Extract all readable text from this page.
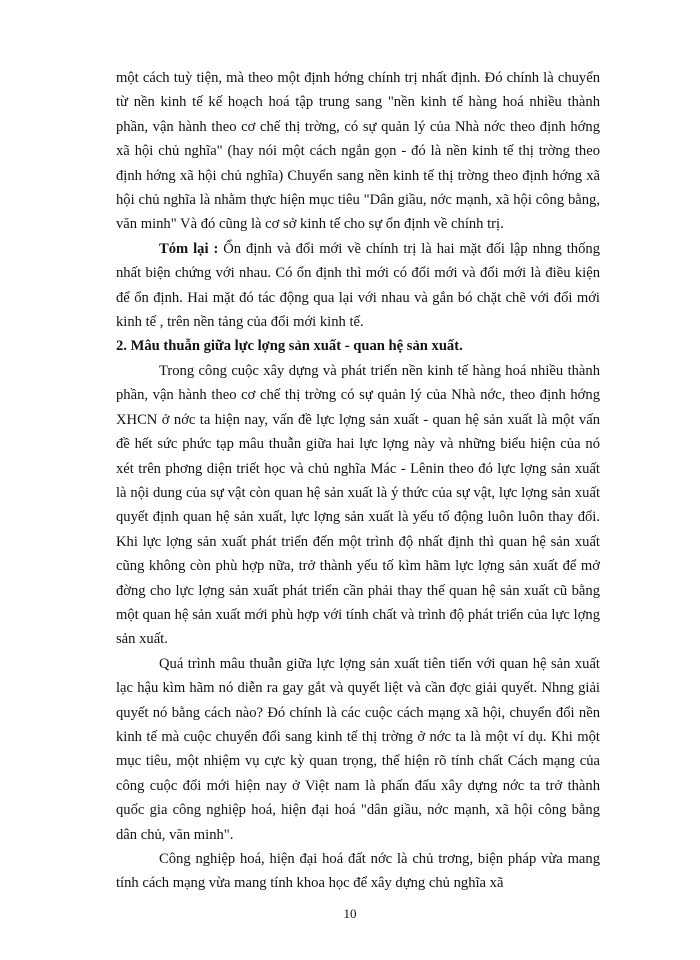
một cách tuỳ tiện, mà theo một định hớng chính trị nhất định. Đó chính là chuyển từ nền kinh tế kế hoạch hoá tập trung sang "nền kinh tế hàng hoá nhiều thành phần, vận hành theo cơ chế thị trờng, có sự quản lý của Nhà nớc theo định hớng xã hội chủ nghĩa" (hay nói một cách ngắn gọn - đó là nền kinh tế thị trờng theo định hớng xã hội chủ nghĩa) Chuyển sang nền kinh tế thị trờng theo định hớng xã hội chủ nghĩa là nhằm thực hiện mục tiêu "Dân giầu, nớc mạnh, xã hội công bằng, văn minh" Và đó cũng là cơ sở kinh tế cho sự ổn định về chính trị.

Tóm lại : Ổn định và đổi mới về chính trị là hai mặt đối lập nhng thống nhất biện chứng với nhau. Có ổn định thì mới có đổi mới và đổi mới là điều kiện để ổn định. Hai mặt đó tác động qua lại với nhau và gắn bó chặt chẽ với đổi mới kinh tế , trên nền tảng của đổi mới kinh tế.

2. Mâu thuẫn giữa lực lợng sản xuất - quan hệ sản xuất.

Trong công cuộc xây dựng và phát triển nền kinh tế hàng hoá nhiều thành phần, vận hành theo cơ chế thị trờng có sự quản lý của Nhà nớc, theo định hớng XHCN ở nớc ta hiện nay, vấn đề lực lợng sản xuất - quan hệ sản xuất là một vấn đề hết sức phức tạp mâu thuẫn giữa hai lực lợng này và những biểu hiện của nó xét trên phơng diện triết học và chủ nghĩa Mác - Lênin theo đó lực lợng sản xuất là nội dung của sự vật còn quan hệ sản xuất là ý thức của sự vật, lực lợng sản xuất quyết định quan hệ sản xuất, lực lợng sản xuất là yếu tố động luôn luôn thay đổi. Khi lực lợng sản xuất phát triển đến một trình độ nhất định thì quan hệ sản xuất cũng không còn phù hợp nữa, trở thành yếu tố kìm hãm lực lợng sản xuất để mở đờng cho lực lợng sản xuất phát triển cần phải thay thế quan hệ sản xuất cũ bằng một quan hệ sản xuất mới phù hợp với tính chất và trình độ phát triển của lực lợng sản xuất.

Quá trình mâu thuẫn giữa lực lợng sản xuất tiên tiến với quan hệ sản xuất lạc hậu kìm hãm nó diễn ra gay gắt và quyết liệt và cần đợc giải quyết. Nhng giải quyết nó bằng cách nào? Đó chính là các cuộc cách mạng xã hội, chuyển đổi nền kinh tế mà cuộc chuyển đổi sang kinh tế thị trờng ở nớc ta là một ví dụ. Khi một mục tiêu, một nhiệm vụ cực kỳ quan trọng, thể hiện rõ tính chất Cách mạng của công cuộc đổi mới hiện nay ở Việt nam là phấn đấu xây dựng nớc ta trở thành quốc gia công nghiệp hoá, hiện đại hoá "dân giầu, nớc mạnh, xã hội công bằng dân chủ, văn minh".

Công nghiệp hoá, hiện đại hoá đất nớc là chủ trơng, biện pháp vừa mang tính cách mạng vừa mang tính khoa học để xây dựng chủ nghĩa xã

10
